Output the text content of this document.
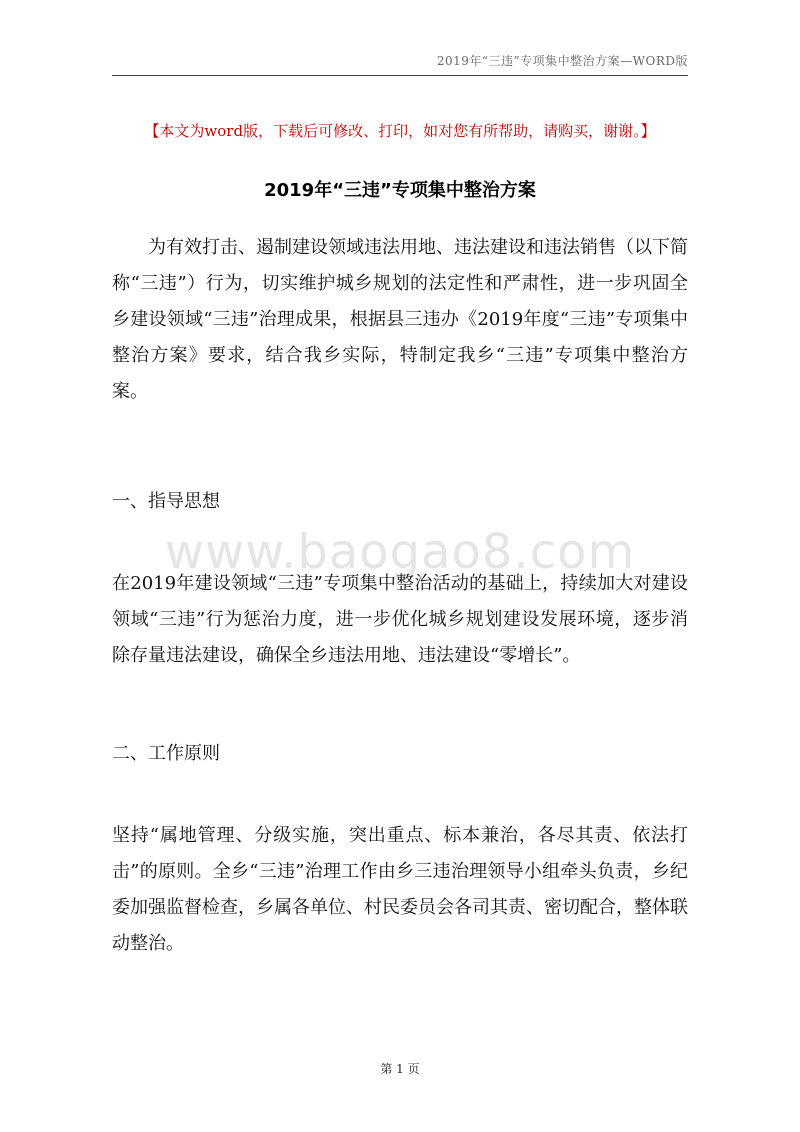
2019年“三违”专项集中整治方案—WORD版
【本文为word版，下载后可修改、打印，如对您有所帮助，请购买，谢谢。】
2019年“三违”专项集中整治方案

为有效打击、遏制建设领域违法用地、违法建设和违法销售（以下简称“三违”）行为，切实维护城乡规划的法定性和严肃性，进一步巩固全乡建设领域“三违”治理成果，根据县三违办《2019年度“三违”专项集中整治方案》要求，结合我乡实际，特制定我乡“三违”专项集中整治方案。

一、指导思想

www.baogao8.com

在2019年建设领域“三违”专项集中整治活动的基础上，持续加大对建设领域“三违”行为惩治力度，进一步优化城乡规划建设发展环境，逐步消除存量违法建设，确保全乡违法用地、违法建设“零增长”。

二、工作原则

坚持“属地管理、分级实施，突出重点、标本兼治，各尽其责、依法打击”的原则。全乡“三违”治理工作由乡三违治理领导小组牵头负责，乡纪委加强监督检查，乡属各单位、村民委员会各司其责、密切配合，整体联动整治。

第 1 页
